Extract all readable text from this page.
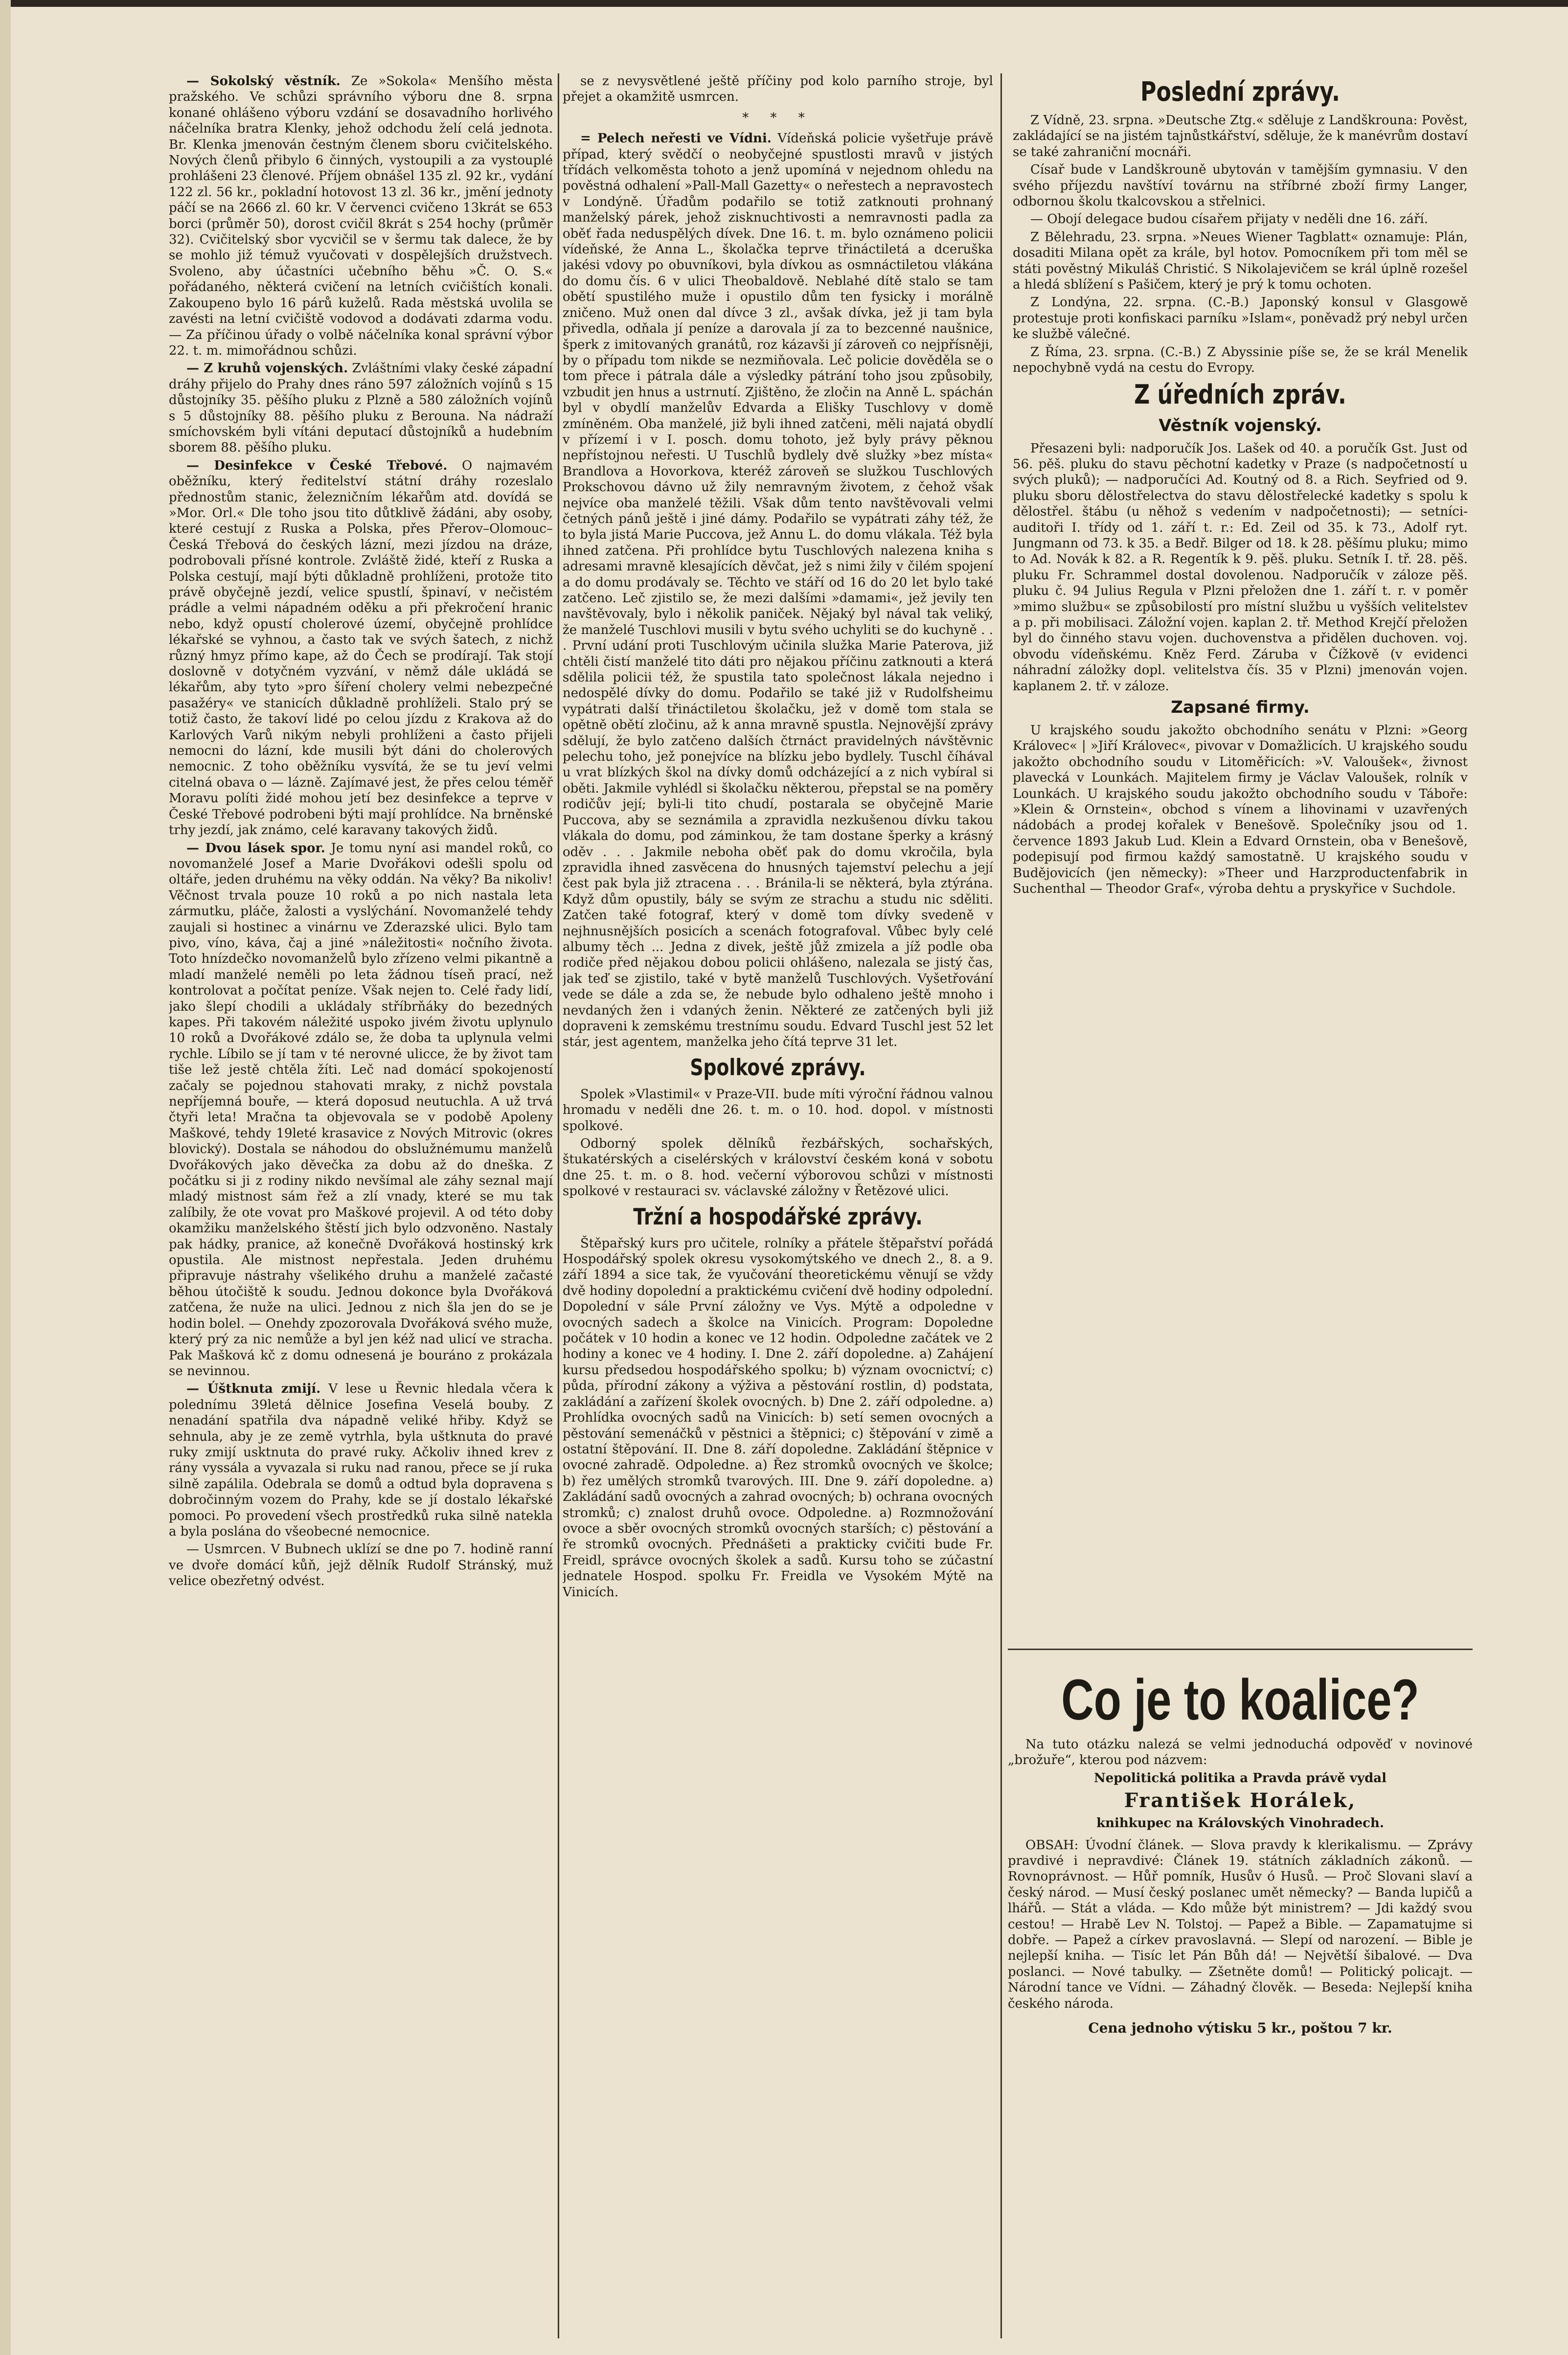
— Sokolský věstník. Ze »Sokola« Menšího města pražského. Ve schůzi správního výboru dne 8. srpna konané ohlášeno výboru vzdání se dosavadního horlivého náčelníka bratra Klenky, jehož odchodu želí celá jednota. Br. Klenka jmenován čestným členem sboru cvičitelského. Nových členů přibylo 6 činných, vystoupili a za vystouplé prohlášeni 23 členové. Příjem obnášel 135 zl. 92 kr., vydání 122 zl. 56 kr., pokladní hotovost 13 zl. 36 kr., jmění jednoty páčí se na 2666 zl. 60 kr. V červenci cvičeno 13krát se 653 borci (průměr 50), dorost cvičil 8krát s 254 hochy (průměr 32). Cvičitelský sbor vycvičil se v šermu tak dalece, že by se mohlo již témuž vyučovati v dospělejších družstvech. Svoleno, aby účastníci učebního běhu »Č. O. S.« pořádaného, některá cvičení na letních cvičištích konali. Zakoupeno bylo 16 párů kuželů. Rada městská uvolila se zavésti na letní cvičiště vodovod a dodávati zdarma vodu. — Za příčinou úřady o volbě náčelníka konal správní výbor 22. t. m. mimořádnou schůzi.

— Z kruhů vojenských. Zvláštními vlaky české západní dráhy přijelo do Prahy dnes ráno 597 záložních vojínů s 15 důstojníky 35. pěšího pluku z Plzně a 580 záložních vojínů s 5 důstojníky 88. pěšího pluku z Berouna. Na nádraží smíchovském byli vítáni deputací důstojníků a hudebním sborem 88. pěšího pluku.

— Desinfekce v České Třebové. O najmavém oběžníku, který ředitelství státní dráhy rozeslalo přednostům stanic, železničním lékařům atd. dovídá se »Mor. Orl.« Dle toho jsou tito důtklivě žádáni, aby osoby, které cestují z Ruska a Polska, přes Přerov–Olomouc–Česká Třebová do českých lázní, mezi jízdou na dráze, podrobovali přísné kontrole. Zvláště židé, kteří z Ruska a Polska cestují, mají býti důkladně prohlíženi, protože tito právě obyčejně jezdí, velice spustlí, špinaví, v nečistém prádle a velmi nápadném oděku a při překročení hranic nebo, když opustí cholerové území, obyčejně prohlídce lékařské se vyhnou, a často tak ve svých šatech, z nichž různý hmyz přímo kape, až do Čech se prodírají. Tak stojí doslovně v dotyčném vyzvání, v němž dále ukládá se lékařům, aby tyto »pro šíření cholery velmi nebezpečné pasažéry« ve stanicích důkladně prohlíželi. Stalo prý se totiž často, že takoví lidé po celou jízdu z Krakova až do Karlových Varů nikým nebyli prohlíženi a často přijeli nemocni do lázní, kde musili být dáni do cholerových nemocnic. Z toho oběžníku vysvítá, že se tu jeví velmi citelná obava o — lázně. Zajímavé jest, že přes celou téměř Moravu políti židé mohou jetí bez desinfekce a teprve v České Třebové podrobeni býti mají prohlídce. Na brněnské trhy jezdí, jak známo, celé karavany takových židů.

— Dvou lásek spor. Je tomu nyní asi mandel roků, co novomanželé Josef a Marie Dvořákovi odešli spolu od oltáře, jeden druhému na věky oddán. Na věky? Ba nikoliv! Věčnost trvala pouze 10 roků a po nich nastala leta zármutku, pláče, žalosti a vyslýchání. Novomanželé tehdy zaujali si hostinec a vinárnu ve Zderazské ulici. Bylo tam pivo, víno, káva, čaj a jiné »náležitosti« nočního života. Toto hnízdečko novomanželů bylo zřízeno velmi pikantně a mladí manželé neměli po leta žádnou tíseň prací, než kontrolovat a počítat peníze. Však nejen to. Celé řady lidí, jako šlepí chodili a ukládaly stříbrňáky do bezedných kapes. Při takovém náležité uspoko jivém životu uplynulo 10 roků a Dvořákové zdálo se, že doba ta uplynula velmi rychle. Líbilo se jí tam v té nerovné ulicce, že by život tam tiše lež jestě chtěla žíti. Leč nad domácí spokojeností začaly se pojednou stahovati mraky, z nichž povstala nepříjemná bouře, — která doposud neutuchla. A už trvá čtyři leta! Mračna ta objevovala se v podobě Apoleny Maškové, tehdy 19leté krasavice z Nových Mitrovic (okres blovický). Dostala se náhodou do obslužnémumu manželů Dvořákových jako děvečka za dobu až do dneška. Z počátku si ji z rodiny nikdo nevšímal ale záhy seznal mají mladý mistnost sám řež a zlí vnady, které se mu tak zalíbily, že ote vovat pro Maškové projevil. A od této doby okamžiku manželského štěstí jich bylo odzvoněno. Nastaly pak hádky, pranice, až konečně Dvořáková hostinský krk opustila. Ale mistnost nepřestala. Jeden druhému připravuje nástrahy všelikého druhu a manželé začasté běhou útočiště k soudu. Jednou dokonce byla Dvořáková zatčena, že nuže na ulici. Jednou z nich šla jen do se je hodin bolel. — Onehdy zpozorovala Dvořáková svého muže, který prý za nic nemůže a byl jen kéž nad ulicí ve stracha. Pak Mašková kč z domu odnesená je bouráno z prokázala se nevinnou.

— Úštknuta zmijí. V lese u Řevnic hledala včera k polednímu 39letá dělnice Josefina Veselá bouby. Z nenadání spatřila dva nápadně veliké hřiby. Když se sehnula, aby je ze země vytrhla, byla uštknuta do pravé ruky zmijí usktnuta do pravé ruky. Ačkoliv ihned krev z rány vyssála a vyvazala si ruku nad ranou, přece se jí ruka silně zapálila. Odebrala se domů a odtud byla dopravena s dobročinným vozem do Prahy, kde se jí dostalo lékařské pomoci. Po provedení všech prostředků ruka silně natekla a byla poslána do všeobecné nemocnice.

— Usmrcen. V Bubnech uklízí se dne po 7. hodině ranní ve dvoře domácí kůň, jejž dělník Rudolf Stránský, muž velice obezřetný odvést.

se z nevysvětlené ještě příčiny pod kolo parního stroje, byl přejet a okamžitě usmrcen.

* * *

= Pelech neřesti ve Vídni. Vídeňská policie vyšetřuje právě případ, který svědčí o neobyčejné spustlosti mravů v jistých třídách velkoměsta tohoto a jenž upomíná v nejednom ohledu na pověstná odhalení »Pall-Mall Gazetty« o neřestech a nepravostech v Londýně. Úřadům podařilo se totiž zatknouti prohnaný manželský párek, jehož zisknuchtivosti a nemravnosti padla za oběť řada neduspělých dívek. Dne 16. t. m. bylo oznámeno policii vídeňské, že Anna L., školačka teprve třináctiletá a dceruška jakési vdovy po obuvníkovi, byla dívkou as osmnáctiletou vlákána do domu čís. 6 v ulici Theobaldově. Neblahé dítě stalo se tam obětí spustilého muže i opustilo dům ten fysicky i morálně zničeno. Muž onen dal dívce 3 zl., avšak dívka, jež ji tam byla přivedla, odňala jí peníze a darovala jí za to bezcenné naušnice, šperk z imitovaných granátů, roz kázavši jí zároveň co nejpřísněji, by o případu tom nikde se nezmiňovala. Leč policie dověděla se o tom přece i pátrala dále a výsledky pátrání toho jsou způsobily, vzbudit jen hnus a ustrnutí. Zjištěno, že zločin na Anně L. spáchán byl v obydlí manželův Edvarda a Elišky Tuschlovy v domě zmíněném. Oba manželé, již byli ihned zatčeni, měli najatá obydlí v přízemí i v I. posch. domu tohoto, jež byly právy pěknou nepřístojnou neřesti. U Tuschlů bydlely dvě služky »bez místa« Brandlova a Hovorkova, kteréž zároveň se služkou Tuschlových Prokschovou dávno už žily nemravným životem, z čehož však nejvíce oba manželé těžili. Však dům tento navštěvovali velmi četných pánů ještě i jiné dámy. Podařilo se vypátrati záhy též, že to byla jistá Marie Puccova, jež Annu L. do domu vlákala. Též byla ihned zatčena. Při prohlídce bytu Tuschlových nalezena kniha s adresami mravně klesajících děvčat, jež s nimi žily v čilém spojení a do domu prodávaly se. Těchto ve stáří od 16 do 20 let bylo také zatčeno. Leč zjistilo se, že mezi dalšími »damami«, jež jevily ten navštěvovaly, bylo i několik paniček. Nějaký byl nával tak veliký, že manželé Tuschlovi musili v bytu svého uchyliti se do kuchyně . . . První udání proti Tuschlovým učinila služka Marie Paterova, již chtěli čistí manželé tito dáti pro nějakou příčinu zatknouti a která sdělila policii též, že spustila tato společnost lákala nejedno i nedospělé dívky do domu. Podařilo se také již v Rudolfsheimu vypátrati další třináctiletou školačku, jež v domě tom stala se opětně obětí zločinu, až k anna mravně spustla. Nejnovější zprávy sdělují, že bylo zatčeno dalších čtrnáct pravidelných návštěvnic pelechu toho, jež ponejvíce na blízku jebo bydlely. Tuschl číhával u vrat blízkých škol na dívky domů odcházející a z nich vybíral si oběti. Jakmile vyhlédl si školačku některou, přepstal se na poměry rodičův její; byli-li tito chudí, postarala se obyčejně Marie Puccova, aby se seznámila a zpravidla nezkušenou dívku takou vlákala do domu, pod záminkou, že tam dostane šperky a krásný oděv . . . Jakmile neboha oběť pak do domu vkročila, byla zpravidla ihned zasvěcena do hnusných tajemství pelechu a její čest pak byla již ztracena . . . Bránila-li se některá, byla ztýrána. Když dům opustily, bály se svým ze strachu a studu nic sděliti. Zatčen také fotograf, který v domě tom dívky svedeně v nejhnusnějších posicích a scenách fotografoval. Vůbec byly celé albumy těch ... Jedna z divek, ještě jůž zmizela a jíž podle oba rodiče před nějakou dobou policii ohlášeno, nalezala se jistý čas, jak teď se zjistilo, také v bytě manželů Tuschlových. Vyšetřování vede se dále a zda se, že nebude bylo odhaleno ještě mnoho i nevdaných žen i vdaných ženin. Některé ze zatčených byli již dopraveni k zemskému trestnímu soudu. Edvard Tuschl jest 52 let stár, jest agentem, manželka jeho čítá teprve 31 let.

Spolkové zprávy.

Spolek »Vlastimil« v Praze-VII. bude míti výroční řádnou valnou hromadu v neděli dne 26. t. m. o 10. hod. dopol. v místnosti spolkové.

Odborný spolek dělníků řezbářských, sochařských, štukatérských a ciselérských v království českém koná v sobotu dne 25. t. m. o 8. hod. večerní výborovou schůzi v místnosti spolkové v restauraci sv. václavské záložny v Řetězové ulici.

Tržní a hospodářské zprávy.

Štěpařský kurs pro učitele, rolníky a přátele štěpařství pořádá Hospodářský spolek okresu vysokomýtského ve dnech 2., 8. a 9. září 1894 a sice tak, že vyučování theoretickému věnují se vždy dvě hodiny dopolední a praktickému cvičení dvě hodiny odpolední. Dopolední v sále První záložny ve Vys. Mýtě a odpoledne v ovocných sadech a školce na Vinicích. Program: Dopoledne počátek v 10 hodin a konec ve 12 hodin. Odpoledne začátek ve 2 hodiny a konec ve 4 hodiny. I. Dne 2. září dopoledne. a) Zahájení kursu předsedou hospodářského spolku; b) význam ovocnictví; c) půda, přírodní zákony a výživa a pěstování rostlin, d) podstata, zakládání a zařízení školek ovocných. b) Dne 2. září odpoledne. a) Prohlídka ovocných sadů na Vinicích: b) setí semen ovocných a pěstování semenáčků v pěstnici a štěpnici; c) štěpování v zimě a ostatní štěpování. II. Dne 8. září dopoledne. Zakládání štěpnice v ovocné zahradě. Odpoledne. a) Řez stromků ovocných ve školce; b) řez umělých stromků tvarových. III. Dne 9. září dopoledne. a) Zakládání sadů ovocných a zahrad ovocných; b) ochrana ovocných stromků; c) znalost druhů ovoce. Odpoledne. a) Rozmnožování ovoce a sběr ovocných stromků ovocných starších; c) pěstování a ře stromků ovocných. Přednášeti a prakticky cvičiti bude Fr. Freidl, správce ovocných školek a sadů. Kursu toho se zúčastní jednatele Hospod. spolku Fr. Freidla ve Vysokém Mýtě na Vinicích.

Poslední zprávy.

Z Vídně, 23. srpna. »Deutsche Ztg.« sděluje z Landškrouna: Pověst, zakládající se na jistém tajnůstkářství, sděluje, že k manévrům dostaví se také zahraniční mocnáři.

Císař bude v Landškrouně ubytován v tamějším gymnasiu. V den svého příjezdu navštíví továrnu na stříbrné zboží firmy Langer, odbornou školu tkalcovskou a střelnici.

— Obojí delegace budou císařem přijaty v neděli dne 16. září.

Z Bělehradu, 23. srpna. »Neues Wiener Tagblatt« oznamuje: Plán, dosaditi Milana opět za krále, byl hotov. Pomocníkem při tom měl se státi pověstný Mikuláš Christić. S Nikolajevičem se král úplně rozešel a hledá sblížení s Pašičem, který je prý k tomu ochoten.

Z Londýna, 22. srpna. (C.-B.) Japonský konsul v Glasgowě protestuje proti konfiskaci parníku »Islam«, poněvadž prý nebyl určen ke službě válečné.

Z Říma, 23. srpna. (C.-B.) Z Abyssinie píše se, že se král Menelik nepochybně vydá na cestu do Evropy.

Z úředních zpráv.
Věstník vojenský.

Přesazeni byli: nadporučík Jos. Lašek od 40. a poručík Gst. Just od 56. pěš. pluku do stavu pěchotní kadetky v Praze (s nadpočetností u svých pluků); — nadporučíci Ad. Koutný od 8. a Rich. Seyfried od 9. pluku sboru dělostřelectva do stavu dělostřelecké kadetky s spolu k dělostřel. štábu (u něhož s vedením v nadpočetnosti); — setníci-auditoři I. třídy od 1. září t. r.: Ed. Zeil od 35. k 73., Adolf ryt. Jungmann od 73. k 35. a Bedř. Bilger od 18. k 28. pěšímu pluku; mimo to Ad. Novák k 82. a R. Regentík k 9. pěš. pluku. Setník I. tř. 28. pěš. pluku Fr. Schrammel dostal dovolenou. Nadporučík v záloze pěš. pluku č. 94 Julius Regula v Plzni přeložen dne 1. září t. r. v poměr »mimo službu« se způsobilostí pro místní službu u vyšších velitelstev a p. při mobilisaci. Záložní vojen. kaplan 2. tř. Method Krejčí přeložen byl do činného stavu vojen. duchovenstva a přidělen duchoven. voj. obvodu vídeňskému. Kněz Ferd. Záruba v Čížkově (v evidenci náhradní záložky dopl. velitelstva čís. 35 v Plzni) jmenován vojen. kaplanem 2. tř. v záloze.

Zapsané firmy.

U krajského soudu jakožto obchodního senátu v Plzni: »Georg Královec« | »Jiří Královec«, pivovar v Domažlicích. U krajského soudu jakožto obchodního soudu v Litoměřicích: »V. Valoušek«, živnost plavecká v Lounkách. Majitelem firmy je Václav Valoušek, rolník v Lounkách. U krajského soudu jakožto obchodního soudu v Táboře: »Klein & Ornstein«, obchod s vínem a lihovinami v uzavřených nádobách a prodej kořalek v Benešově. Společníky jsou od 1. července 1893 Jakub Lud. Klein a Edvard Ornstein, oba v Benešově, podepisují pod firmou každý samostatně. U krajského soudu v Budějovicích (jen německy): »Theer und Harzproductenfabrik in Suchenthal — Theodor Graf«, výroba dehtu a pryskyřice v Suchdole.

Co je to koalice?

Na tuto otázku nalezá se velmi jednoduchá odpověď v novinové „brožuře“, kterou pod názvem:

Nepolitická politika a Pravda právě vydal
František Horálek,
knihkupec na Královských Vinohradech.

OBSAH: Úvodní článek. — Slova pravdy k klerikalismu. — Zprávy pravdivé i nepravdivé: Článek 19. státních základních zákonů. — Rovnoprávnost. — Hůř pomník, Husův ó Husů. — Proč Slovani slaví a český národ. — Musí český poslanec umět německy? — Banda lupičů a lhářů. — Stát a vláda. — Kdo může být ministrem? — Jdi každý svou cestou! — Hrabě Lev N. Tolstoj. — Papež a Bible. — Zapamatujme si dobře. — Papež a církev pravoslavná. — Slepí od narození. — Bible je nejlepší kniha. — Tisíc let Pán Bůh dá! — Největší šibalové. — Dva poslanci. — Nové tabulky. — Zšetněte domů! — Politický policajt. — Národní tance ve Vídni. — Záhadný člověk. — Beseda: Nejlepší kniha českého národa.

Cena jednoho výtisku 5 kr., poštou 7 kr.
